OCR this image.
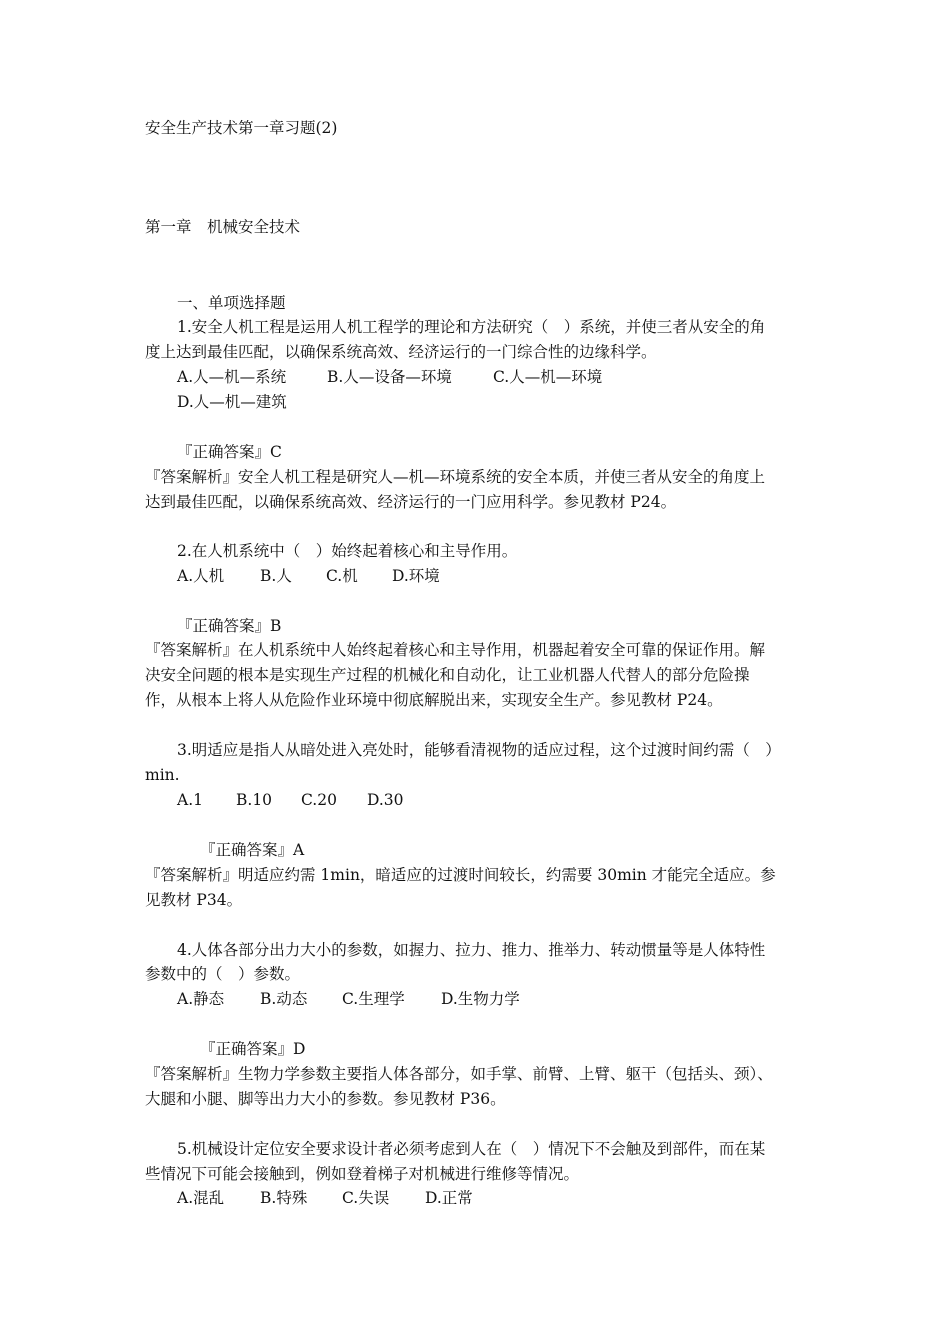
安全生产技术第一章习题(2)
第一章　机械安全技术
一、单项选择题
1.安全人机工程是运用人机工程学的理论和方法研究（　）系统，并使三者从安全的角
度上达到最佳匹配，以确保系统高效、经济运行的一门综合性的边缘科学。
A.人—机—系统	B.人—设备—环境	C.人—机—环境
D.人—机—建筑
『正确答案』C
『答案解析』安全人机工程是研究人—机—环境系统的安全本质，并使三者从安全的角度上
达到最佳匹配，以确保系统高效、经济运行的一门应用科学。参见教材 P24。
2.在人机系统中（　）始终起着核心和主导作用。
A.人机 B.人 C.机 D.环境
『正确答案』B
『答案解析』在人机系统中人始终起着核心和主导作用，机器起着安全可靠的保证作用。解
决安全问题的根本是实现生产过程的机械化和自动化，让工业机器人代替人的部分危险操
作，从根本上将人从危险作业环境中彻底解脱出来，实现安全生产。参见教材 P24。
3.明适应是指人从暗处进入亮处时，能够看清视物的适应过程，这个过渡时间约需（　）
min.
A.1 B.10 C.20 D.30
『正确答案』A
『答案解析』明适应约需 1min，暗适应的过渡时间较长，约需要 30min 才能完全适应。参
见教材 P34。
4.人体各部分出力大小的参数，如握力、拉力、推力、推举力、转动惯量等是人体特性
参数中的（　）参数。
A.静态 B.动态 C.生理学 D.生物力学
『正确答案』D
『答案解析』生物力学参数主要指人体各部分，如手掌、前臂、上臂、躯干（包括头、颈）、
大腿和小腿、脚等出力大小的参数。参见教材 P36。
5.机械设计定位安全要求设计者必须考虑到人在（　）情况下不会触及到部件，而在某
些情况下可能会接触到，例如登着梯子对机械进行维修等情况。
A.混乱 B.特殊 C.失误 D.正常
